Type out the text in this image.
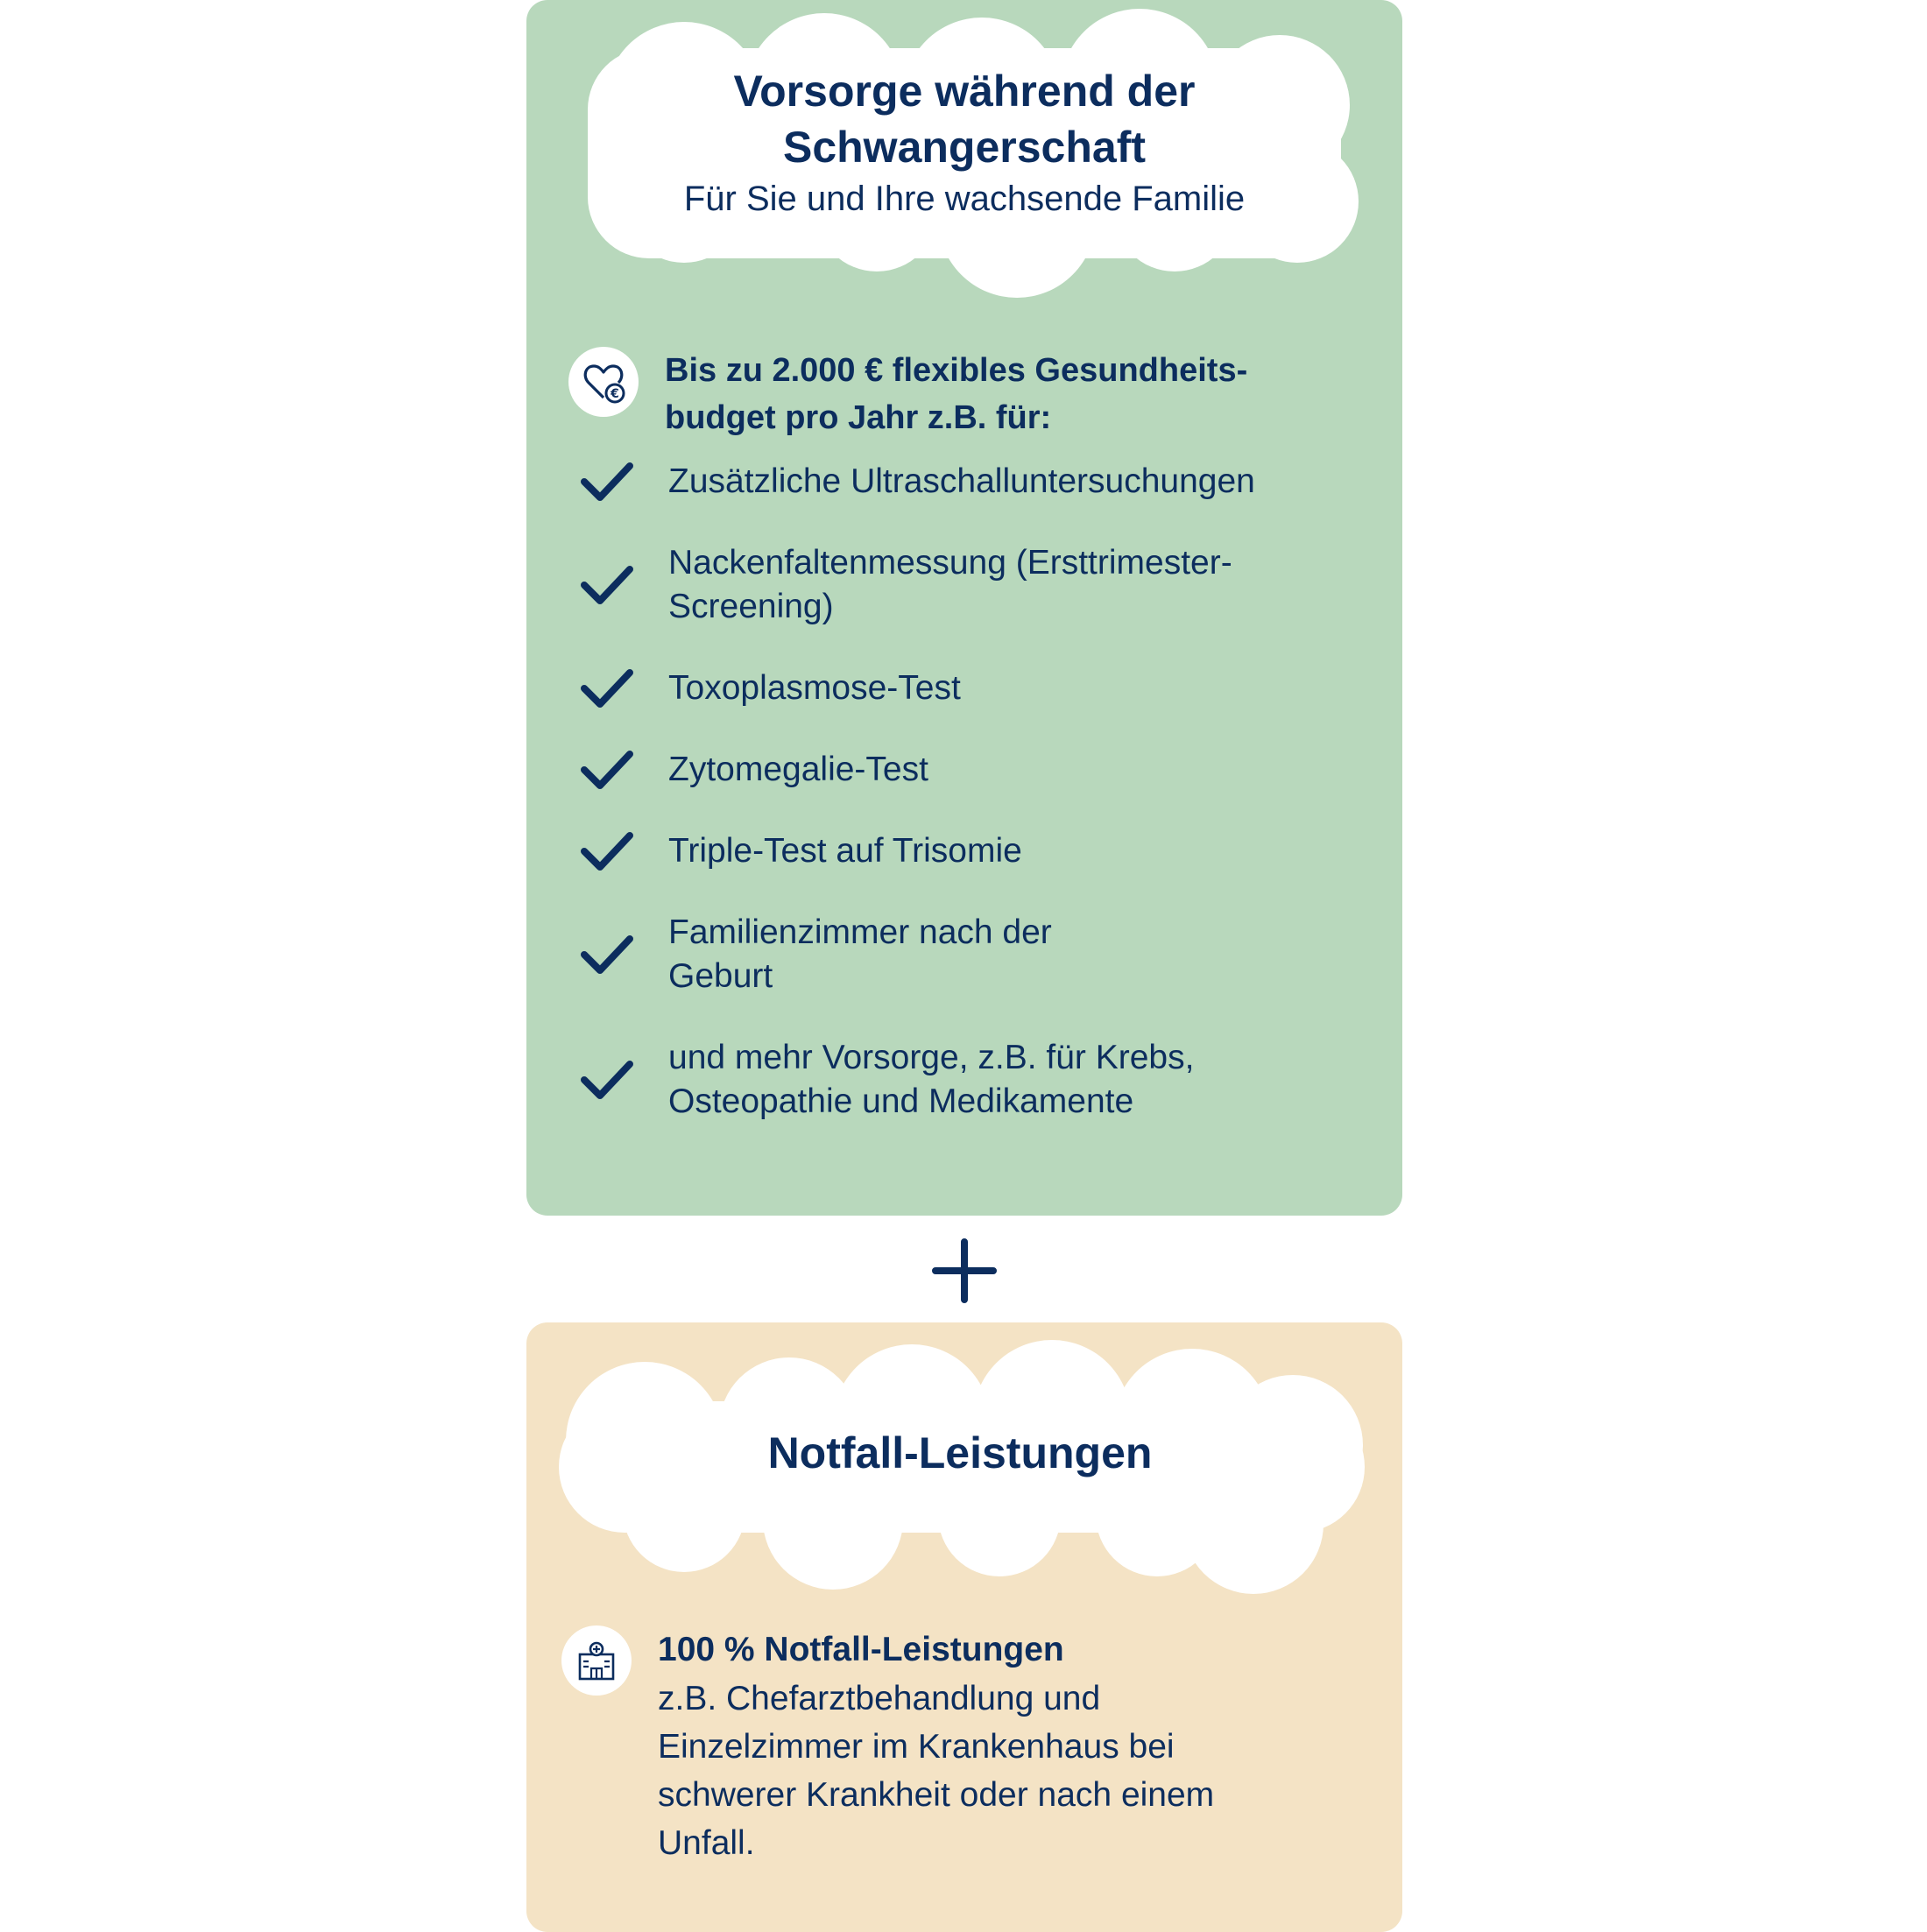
Vorsorge während der
Schwangerschaft
Für Sie und Ihre wachsende Familie
€
Bis zu 2.000 € flexibles Gesundheits-
budget pro Jahr z.B. für:
Zusätzliche Ultraschalluntersuchungen
Nackenfaltenmessung (Ersttrimester-
Screening)
Toxoplasmose-Test
Zytomegalie-Test
Triple-Test auf Trisomie
Familienzimmer nach der
Geburt
und mehr Vorsorge, z.B. für Krebs,
Osteopathie und Medikamente
Notfall-Leistungen
100 % Notfall-Leistungen
z.B. Chefarztbehandlung und
Einzelzimmer im Krankenhaus bei
schwerer Krankheit oder nach einem
Unfall.
